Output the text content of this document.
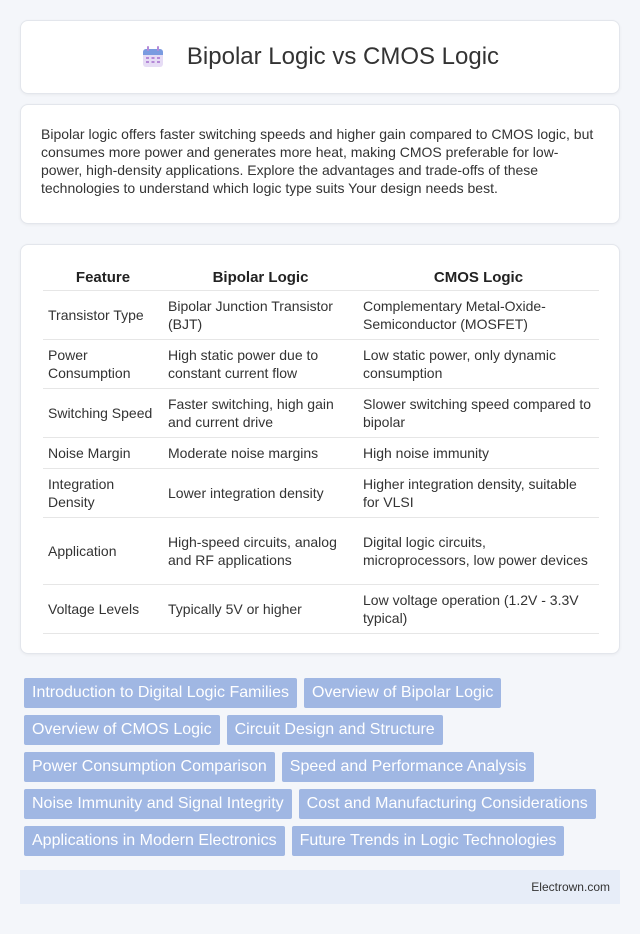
Bipolar Logic vs CMOS Logic

Bipolar logic offers faster switching speeds and higher gain compared to CMOS logic, but consumes more power and generates more heat, making CMOS preferable for low-power, high-density applications. Explore the advantages and trade-offs of these technologies to understand which logic type suits Your design needs best.

Feature	Bipolar Logic	CMOS Logic
Transistor Type	Bipolar Junction Transistor (BJT)	Complementary Metal-Oxide-Semiconductor (MOSFET)
Power Consumption	High static power due to constant current flow	Low static power, only dynamic consumption
Switching Speed	Faster switching, high gain and current drive	Slower switching speed compared to bipolar
Noise Margin	Moderate noise margins	High noise immunity
Integration Density	Lower integration density	Higher integration density, suitable for VLSI
Application	High-speed circuits, analog and RF applications	Digital logic circuits, microprocessors, low power devices
Voltage Levels	Typically 5V or higher	Low voltage operation (1.2V - 3.3V typical)
Introduction to Digital Logic Families	Overview of Bipolar Logic
Overview of CMOS Logic	Circuit Design and Structure
Power Consumption Comparison	Speed and Performance Analysis
Noise Immunity and Signal Integrity	Cost and Manufacturing Considerations
Applications in Modern Electronics	Future Trends in Logic Technologies
Electrown.com
